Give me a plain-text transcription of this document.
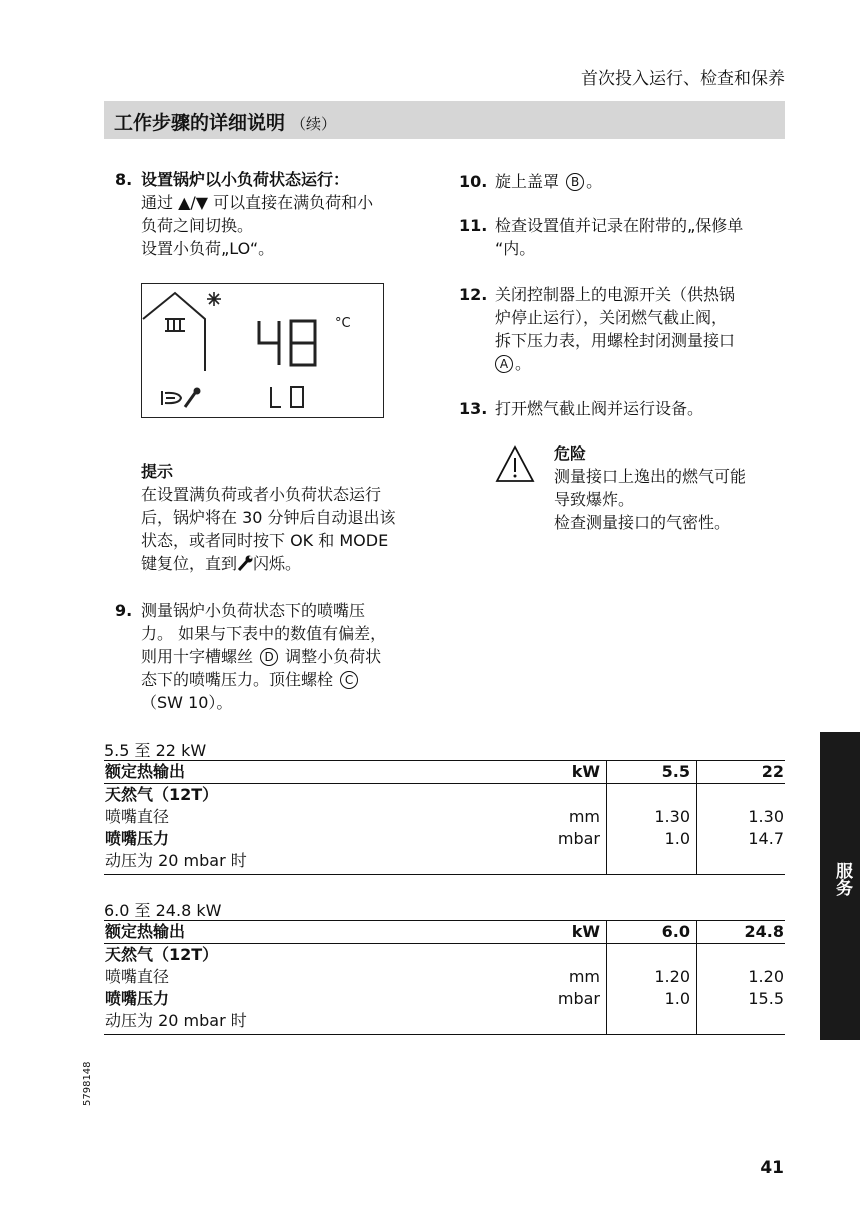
首次投入运行、检查和保养
工作步骤的详细说明 （续）
8. 设置锅炉以小负荷状态运行：
通过 ▲/▼ 可以直接在满负荷和小
负荷之间切换。
设置小负荷„LO“。
°C
提示
在设置满负荷或者小负荷状态运行
后，锅炉将在 30 分钟后自动退出该
状态，或者同时按下 OK 和 MODE
键复位，直到 闪烁。
9. 测量锅炉小负荷状态下的喷嘴压
力。 如果与下表中的数值有偏差，
则用十字槽螺丝 D 调整小负荷状
态下的喷嘴压力。顶住螺栓 C
（SW 10）。
10. 旋上盖罩 B 。
11. 检查设置值并记录在附带的„保修单
“内。
12. 关闭控制器上的电源开关（供热锅
炉停止运行），关闭燃气截止阀，
拆下压力表，用螺栓封闭测量接口
A 。
13. 打开燃气截止阀并运行设备。
危险
测量接口上逸出的燃气可能
导致爆炸。
检查测量接口的气密性。
5.5 至 22 kW
额定热输出	kW	5.5	22
天然气（12T）			
喷嘴直径	mm	1.30	1.30
喷嘴压力	mbar	1.0	14.7
动压为 20 mbar 时			
6.0 至 24.8 kW
额定热输出	kW	6.0	24.8
天然气（12T）			
喷嘴直径	mm	1.20	1.20
喷嘴压力	mbar	1.0	15.5
动压为 20 mbar 时			
服务
5798148
41
